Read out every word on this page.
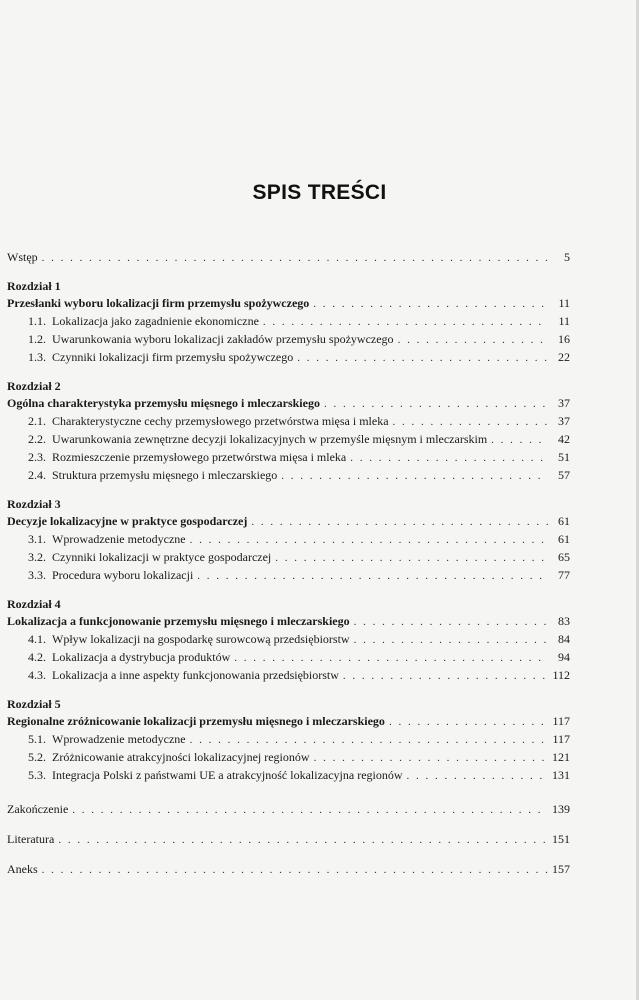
SPIS TREŚCI
Wstęp . . .	5
Rozdział 1
Przesłanki wyboru lokalizacji firm przemysłu spożywczego . . .	11
1.1. Lokalizacja jako zagadnienie ekonomiczne . . .	11
1.2. Uwarunkowania wyboru lokalizacji zakładów przemysłu spożywczego . . .	16
1.3. Czynniki lokalizacji firm przemysłu spożywczego . . .	22
Rozdział 2
Ogólna charakterystyka przemysłu mięsnego i mleczarskiego . . .	37
2.1. Charakterystyczne cechy przemysłowego przetwórstwa mięsa i mleka . . .	37
2.2. Uwarunkowania zewnętrzne decyzji lokalizacyjnych w przemyśle mięsnym i mleczarskim . . .	42
2.3. Rozmieszczenie przemysłowego przetwórstwa mięsa i mleka . . .	51
2.4. Struktura przemysłu mięsnego i mleczarskiego . . .	57
Rozdział 3
Decyzje lokalizacyjne w praktyce gospodarczej . . .	61
3.1. Wprowadzenie metodyczne . . .	61
3.2. Czynniki lokalizacji w praktyce gospodarczej . . .	65
3.3. Procedura wyboru lokalizacji . . .	77
Rozdział 4
Lokalizacja a funkcjonowanie przemysłu mięsnego i mleczarskiego . . .	83
4.1. Wpływ lokalizacji na gospodarkę surowcową przedsiębiorstw . . .	84
4.2. Lokalizacja a dystrybucja produktów . . .	94
4.3. Lokalizacja a inne aspekty funkcjonowania przedsiębiorstw . . .	112
Rozdział 5
Regionalne zróżnicowanie lokalizacji przemysłu mięsnego i mleczarskiego . . .	117
5.1. Wprowadzenie metodyczne . . .	117
5.2. Zróżnicowanie atrakcyjności lokalizacyjnej regionów . . .	121
5.3. Integracja Polski z państwami UE a atrakcyjność lokalizacyjna regionów . . .	131
Zakończenie . . .	139
Literatura . . .	151
Aneks . . .	157
